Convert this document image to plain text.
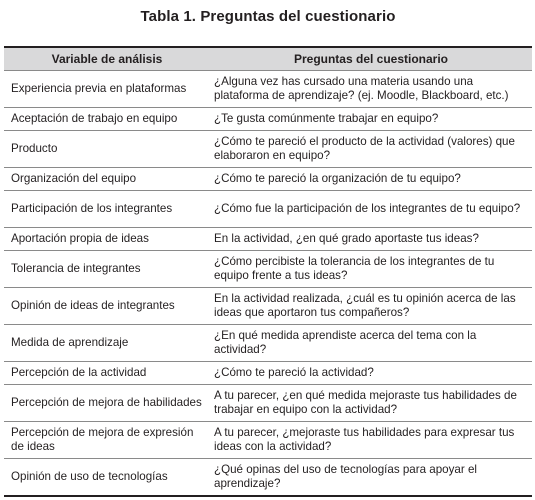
Tabla 1. Preguntas del cuestionario
Variable de análisis	Preguntas del cuestionario
Experiencia previa en plataformas	¿Alguna vez has cursado una materia usando una plataforma de aprendizaje? (ej. Moodle, Blackboard, etc.)
Aceptación de trabajo en equipo	¿Te gusta comúnmente trabajar en equipo?
Producto	¿Cómo te pareció el producto de la actividad (valores) que elaboraron en equipo?
Organización del equipo	¿Cómo te pareció la organización de tu equipo?
Participación de los integrantes	¿Cómo fue la participación de los integrantes de tu equipo?
Aportación propia de ideas	En la actividad, ¿en qué grado aportaste tus ideas?
Tolerancia de integrantes	¿Cómo percibiste la tolerancia de los integrantes de tu equipo frente a tus ideas?
Opinión de ideas de integrantes	En la actividad realizada, ¿cuál es tu opinión acerca de las ideas que aportaron tus compañeros?
Medida de aprendizaje	¿En qué medida aprendiste acerca del tema con la actividad?
Percepción de la actividad	¿Cómo te pareció la actividad?
Percepción de mejora de habilidades	A tu parecer, ¿en qué medida mejoraste tus habilidades de trabajar en equipo con la actividad?
Percepción de mejora de expresión de ideas	A tu parecer, ¿mejoraste tus habilidades para expresar tus ideas con la actividad?
Opinión de uso de tecnologías	¿Qué opinas del uso de tecnologías para apoyar el aprendizaje?
